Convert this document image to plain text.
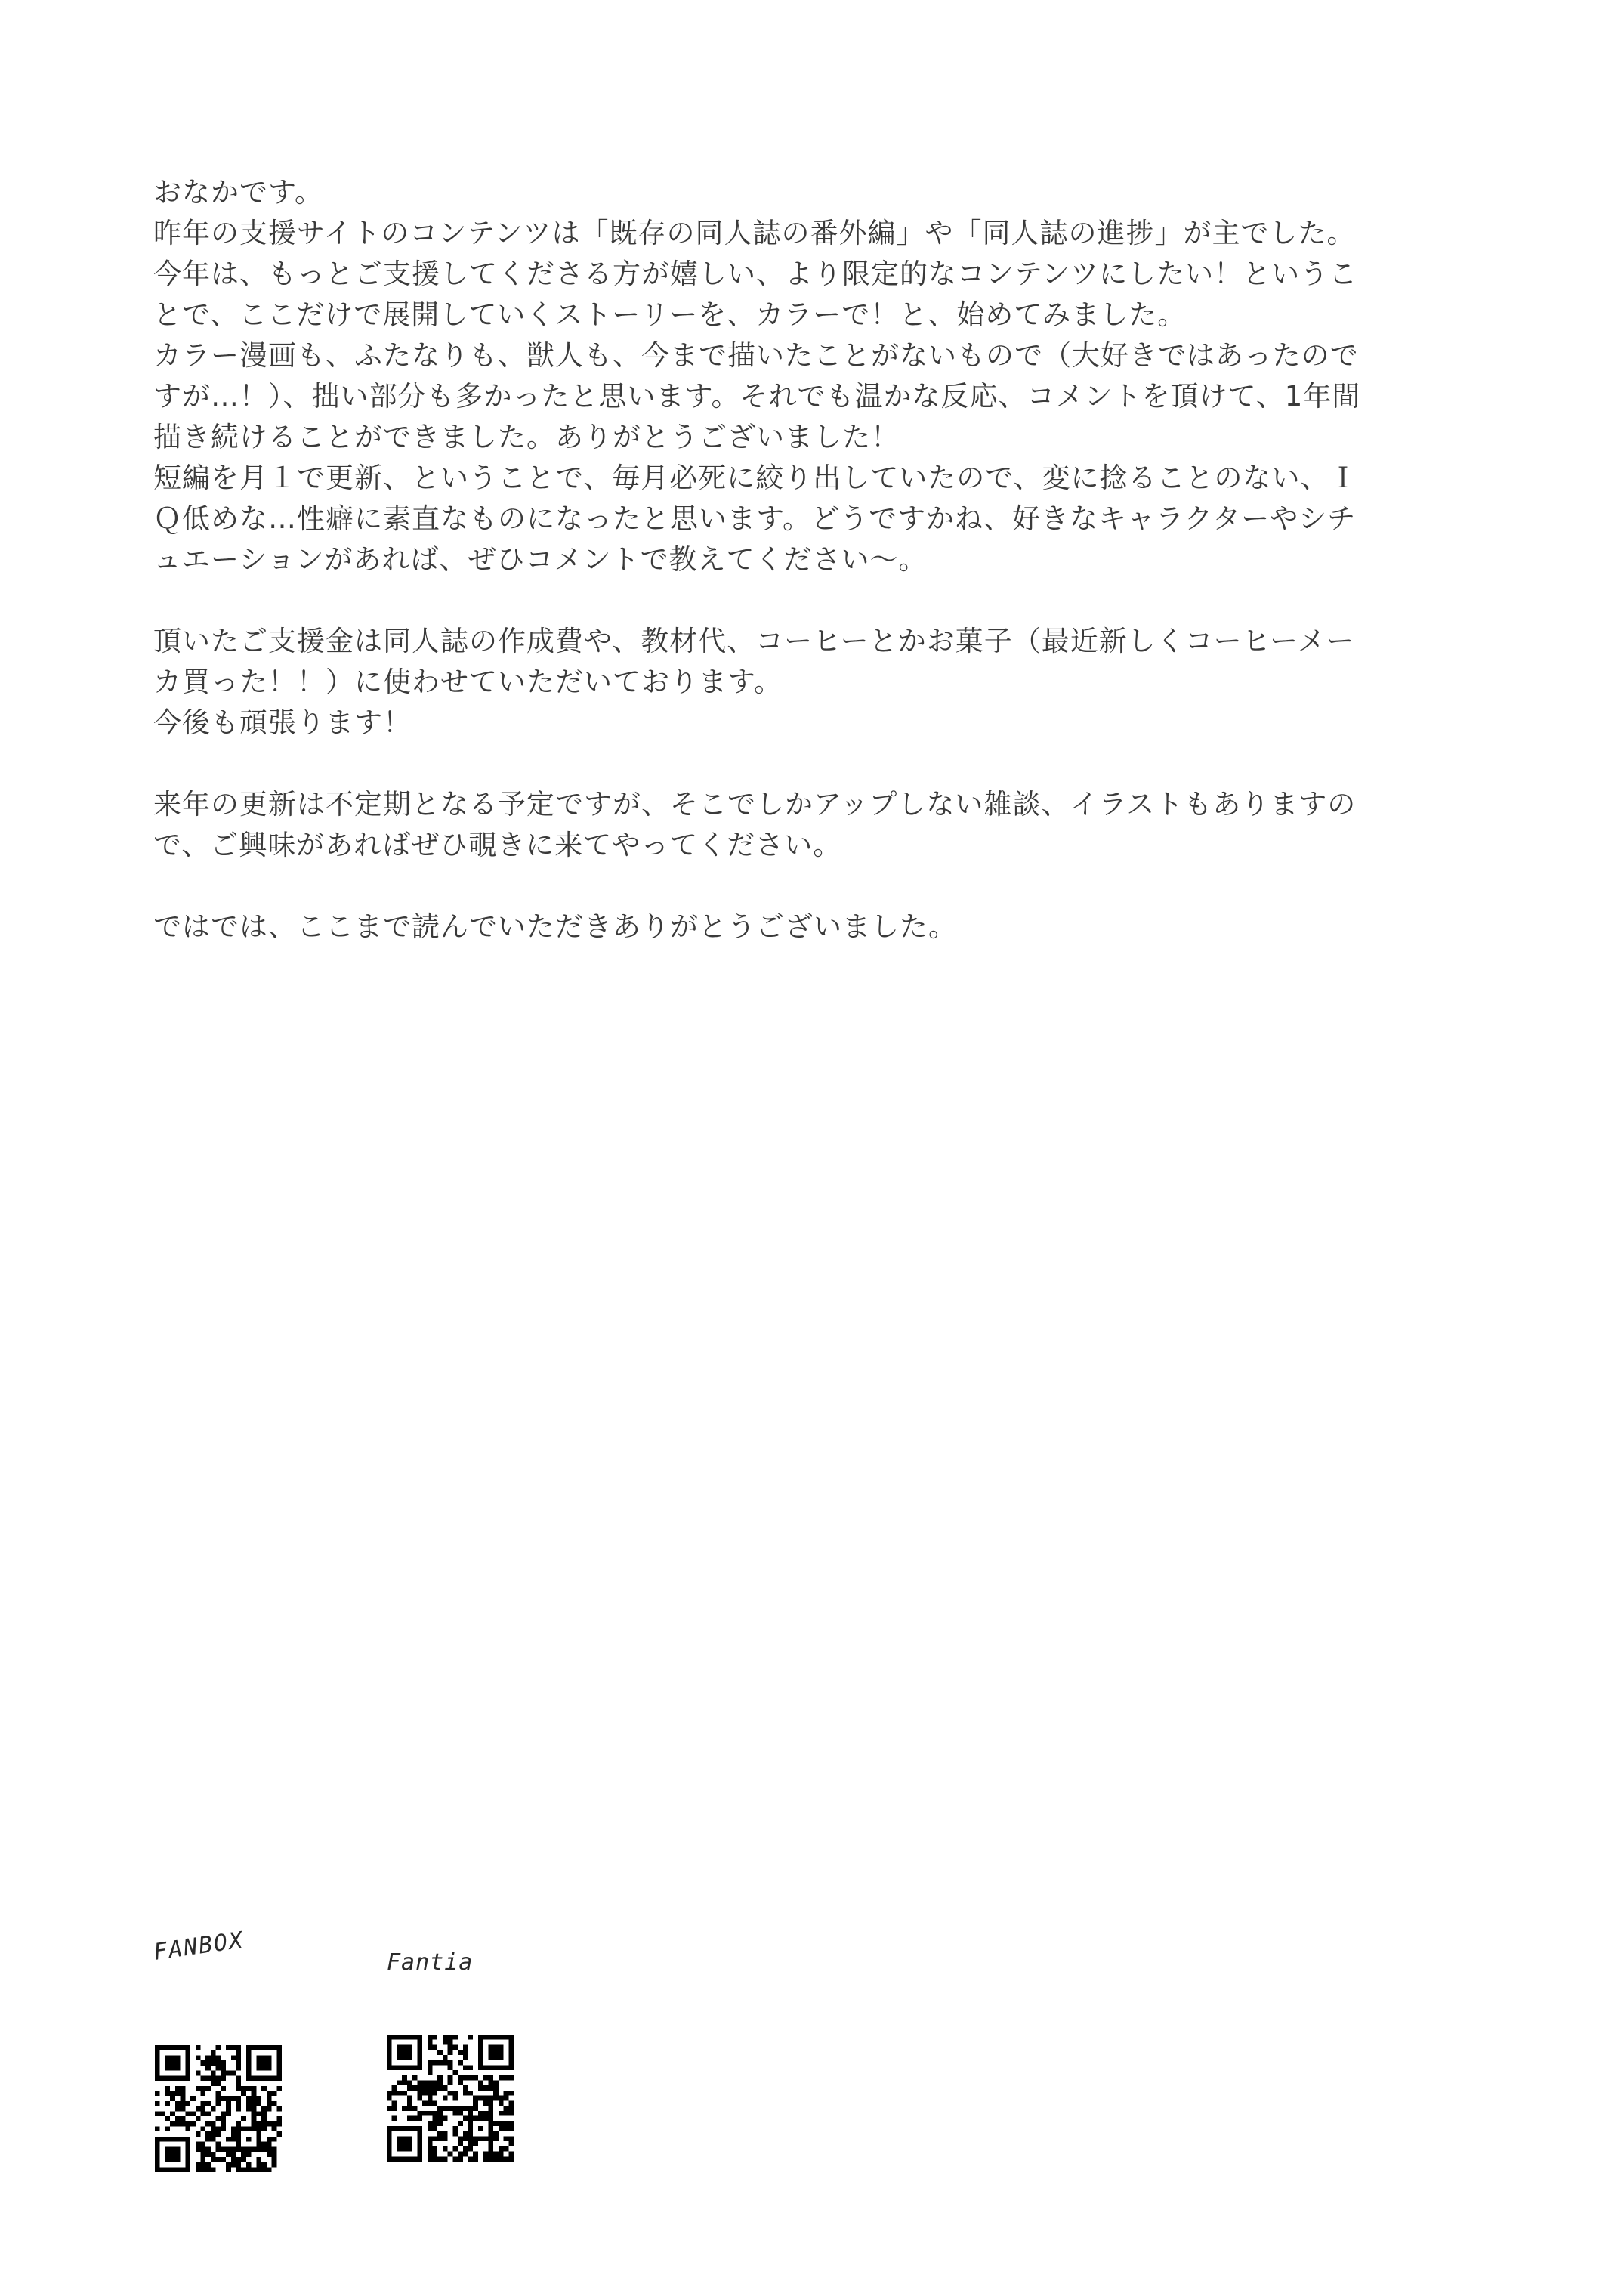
おなかです。
昨年の支援サイトのコンテンツは「既存の同人誌の番外編」や「同人誌の進捗」が主でした。
今年は、もっとご支援してくださる方が嬉しい、より限定的なコンテンツにしたい！ということで、ここだけで展開していくストーリーを、カラーで！と、始めてみました。
カラー漫画も、ふたなりも、獣人も、今まで描いたことがないもので（大好きではあったのですが…！）、拙い部分も多かったと思います。それでも温かな反応、コメントを頂けて、1年間描き続けることができました。ありがとうございました！
短編を月１で更新、ということで、毎月必死に絞り出していたので、変に捻ることのない、ＩＱ低めな…性癖に素直なものになったと思います。どうですかね、好きなキャラクターやシチュエーションがあれば、ぜひコメントで教えてください〜。

頂いたご支援金は同人誌の作成費や、教材代、コーヒーとかお菓子（最近新しくコーヒーメーカ買った！！）に使わせていただいております。
今後も頑張ります！

来年の更新は不定期となる予定ですが、そこでしかアップしない雑談、イラストもありますので、ご興味があればぜひ覗きに来てやってください。

ではでは、ここまで読んでいただきありがとうございました。

FANBOX	Fantia
